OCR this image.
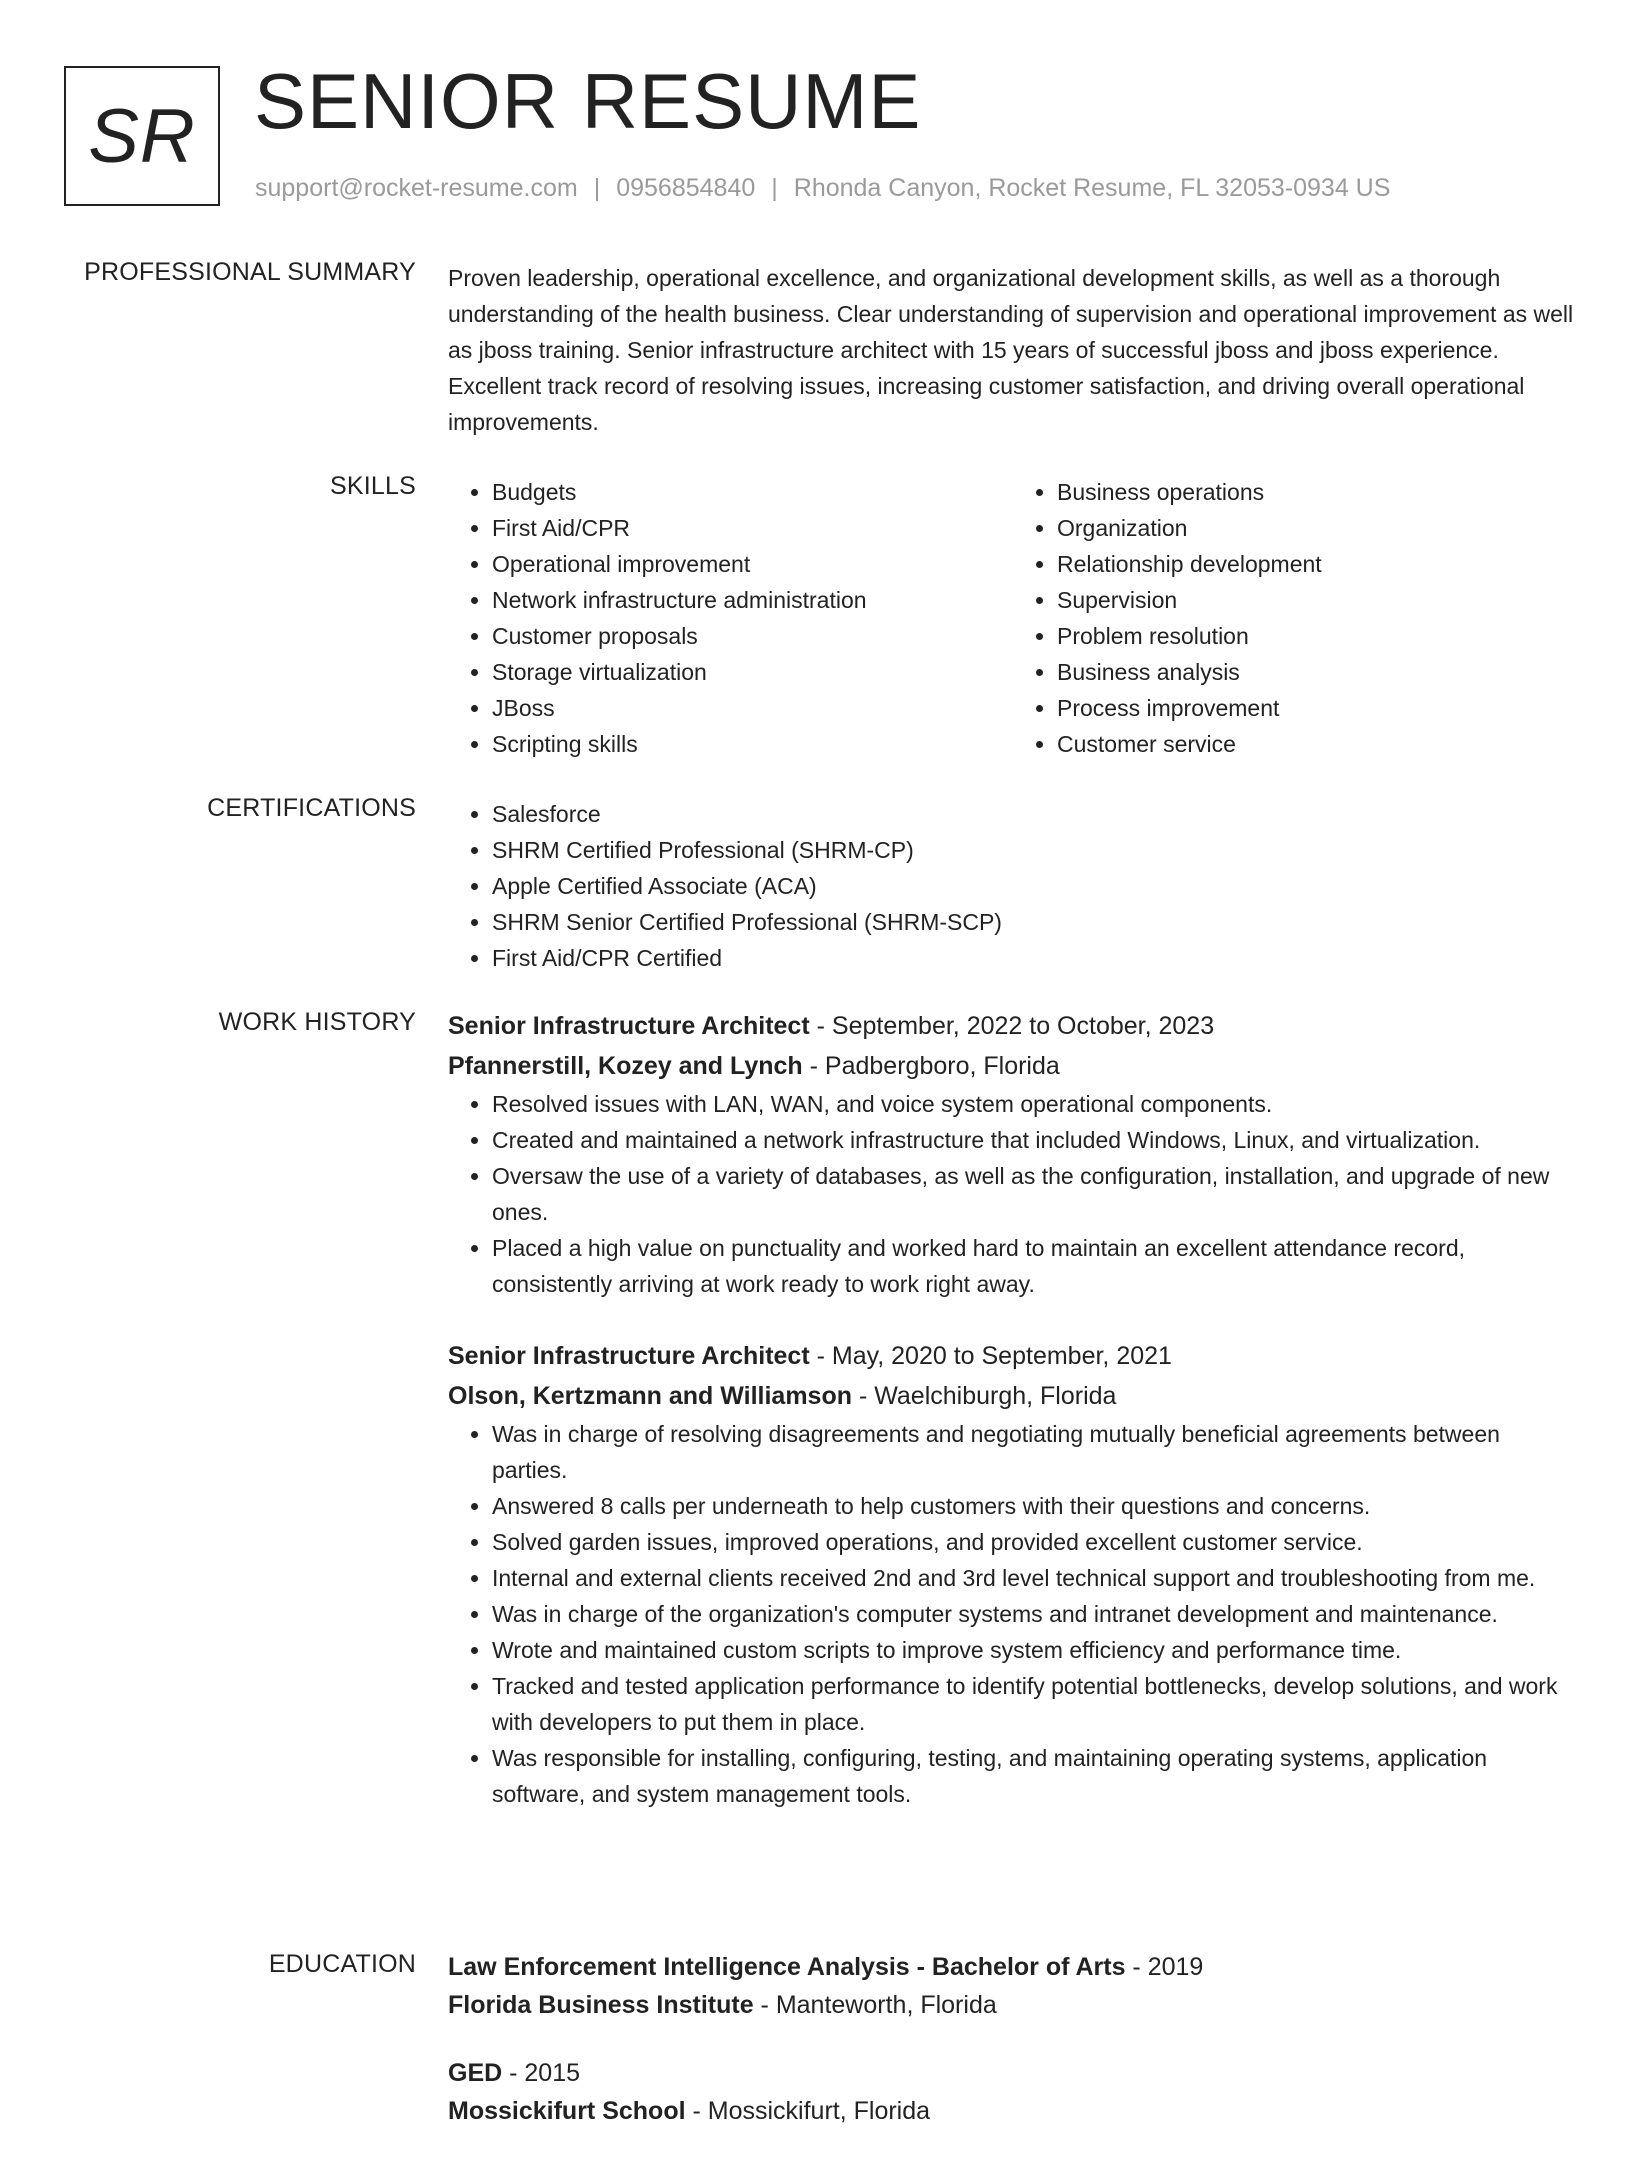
SR SENIOR RESUME
support@rocket-resume.com | 0956854840 | Rhonda Canyon, Rocket Resume, FL 32053-0934 US
PROFESSIONAL SUMMARY Proven leadership, operational excellence, and organizational development skills, as well as a thorough understanding of the health business. Clear understanding of supervision and operational improvement as well as jboss training. Senior infrastructure architect with 15 years of successful jboss and jboss experience. Excellent track record of resolving issues, increasing customer satisfaction, and driving overall operational improvements.

SKILLS	• Budgets
• First Aid/CPR
• Operational improvement
• Network infrastructure administration
• Customer proposals
• Storage virtualization
• JBoss
• Scripting skills
• Business operations
• Organization
• Relationship development
• Supervision
• Problem resolution
• Business analysis
• Process improvement
• Customer service
CERTIFICATIONS	• Salesforce
• SHRM Certified Professional (SHRM-CP)
• Apple Certified Associate (ACA)
• SHRM Senior Certified Professional (SHRM-SCP)
• First Aid/CPR Certified
WORK HISTORY Senior Infrastructure Architect - September, 2022 to October, 2023
Pfannerstill, Kozey and Lynch - Padbergboro, Florida
• Resolved issues with LAN, WAN, and voice system operational components.
• Created and maintained a network infrastructure that included Windows, Linux, and virtualization.
• Oversaw the use of a variety of databases, as well as the configuration, installation, and upgrade of new ones.
• Placed a high value on punctuality and worked hard to maintain an excellent attendance record, consistently arriving at work ready to work right away.
Senior Infrastructure Architect - May, 2020 to September, 2021
Olson, Kertzmann and Williamson - Waelchiburgh, Florida
• Was in charge of resolving disagreements and negotiating mutually beneficial agreements between parties.
• Answered 8 calls per underneath to help customers with their questions and concerns.
• Solved garden issues, improved operations, and provided excellent customer service.
• Internal and external clients received 2nd and 3rd level technical support and troubleshooting from me.
• Was in charge of the organization's computer systems and intranet development and maintenance.
• Wrote and maintained custom scripts to improve system efficiency and performance time.
• Tracked and tested application performance to identify potential bottlenecks, develop solutions, and work with developers to put them in place.
• Was responsible for installing, configuring, testing, and maintaining operating systems, application software, and system management tools.
EDUCATION Law Enforcement Intelligence Analysis - Bachelor of Arts - 2019
Florida Business Institute - Manteworth, Florida
GED - 2015
Mossickifurt School - Mossickifurt, Florida
